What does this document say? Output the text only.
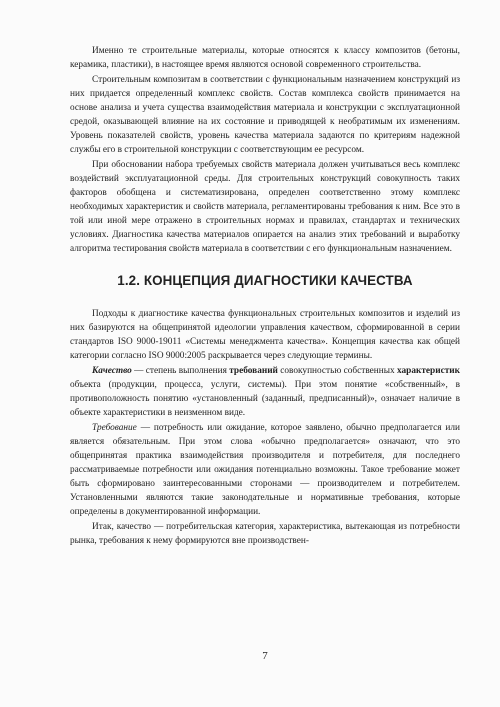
Именно те строительные материалы, которые относятся к классу композитов (бетоны, керамика, пластики), в настоящее время являются основой современного строительства.

Строительным композитам в соответствии с функциональным назначением конструкций из них придается определенный комплекс свойств. Состав комплекса свойств принимается на основе анализа и учета существа взаимодействия материала и конструкции с эксплуатационной средой, оказывающей влияние на их состояние и приводящей к необратимым их изменениям. Уровень показателей свойств, уровень качества материала задаются по критериям надежной службы его в строительной конструкции с соответствующим ее ресурсом.

При обосновании набора требуемых свойств материала должен учитываться весь комплекс воздействий эксплуатационной среды. Для строительных конструкций совокупность таких факторов обобщена и систематизирована, определен соответственно этому комплекс необходимых характеристик и свойств материала, регламентированы требования к ним. Все это в той или иной мере отражено в строительных нормах и правилах, стандартах и технических условиях. Диагностика качества материалов опирается на анализ этих требований и выработку алгоритма тестирования свойств материала в соответствии с его функциональным назначением.

1.2. КОНЦЕПЦИЯ ДИАГНОСТИКИ КАЧЕСТВА

Подходы к диагностике качества функциональных строительных композитов и изделий из них базируются на общепринятой идеологии управления качеством, сформированной в серии стандартов ISO 9000-19011 «Системы менеджмента качества». Концепция качества как общей категории согласно ISO 9000:2005 раскрывается через следующие термины.

Качество — степень выполнения требований совокупностью собственных характеристик объекта (продукции, процесса, услуги, системы). При этом понятие «собственный», в противоположность понятию «установленный (заданный, предписанный)», означает наличие в объекте характеристики в неизменном виде.

Требование — потребность или ожидание, которое заявлено, обычно предполагается или является обязательным. При этом слова «обычно предполагается» означают, что это общепринятая практика взаимодействия производителя и потребителя, для последнего рассматриваемые потребности или ожидания потенциально возможны. Такое требование может быть сформировано заинтересованными сторонами — производителем и потребителем. Установленными являются такие законодательные и нормативные требования, которые определены в документированной информации.

Итак, качество — потребительская категория, характеристика, вытекающая из потребности рынка, требования к нему формируются вне производствен-

7
